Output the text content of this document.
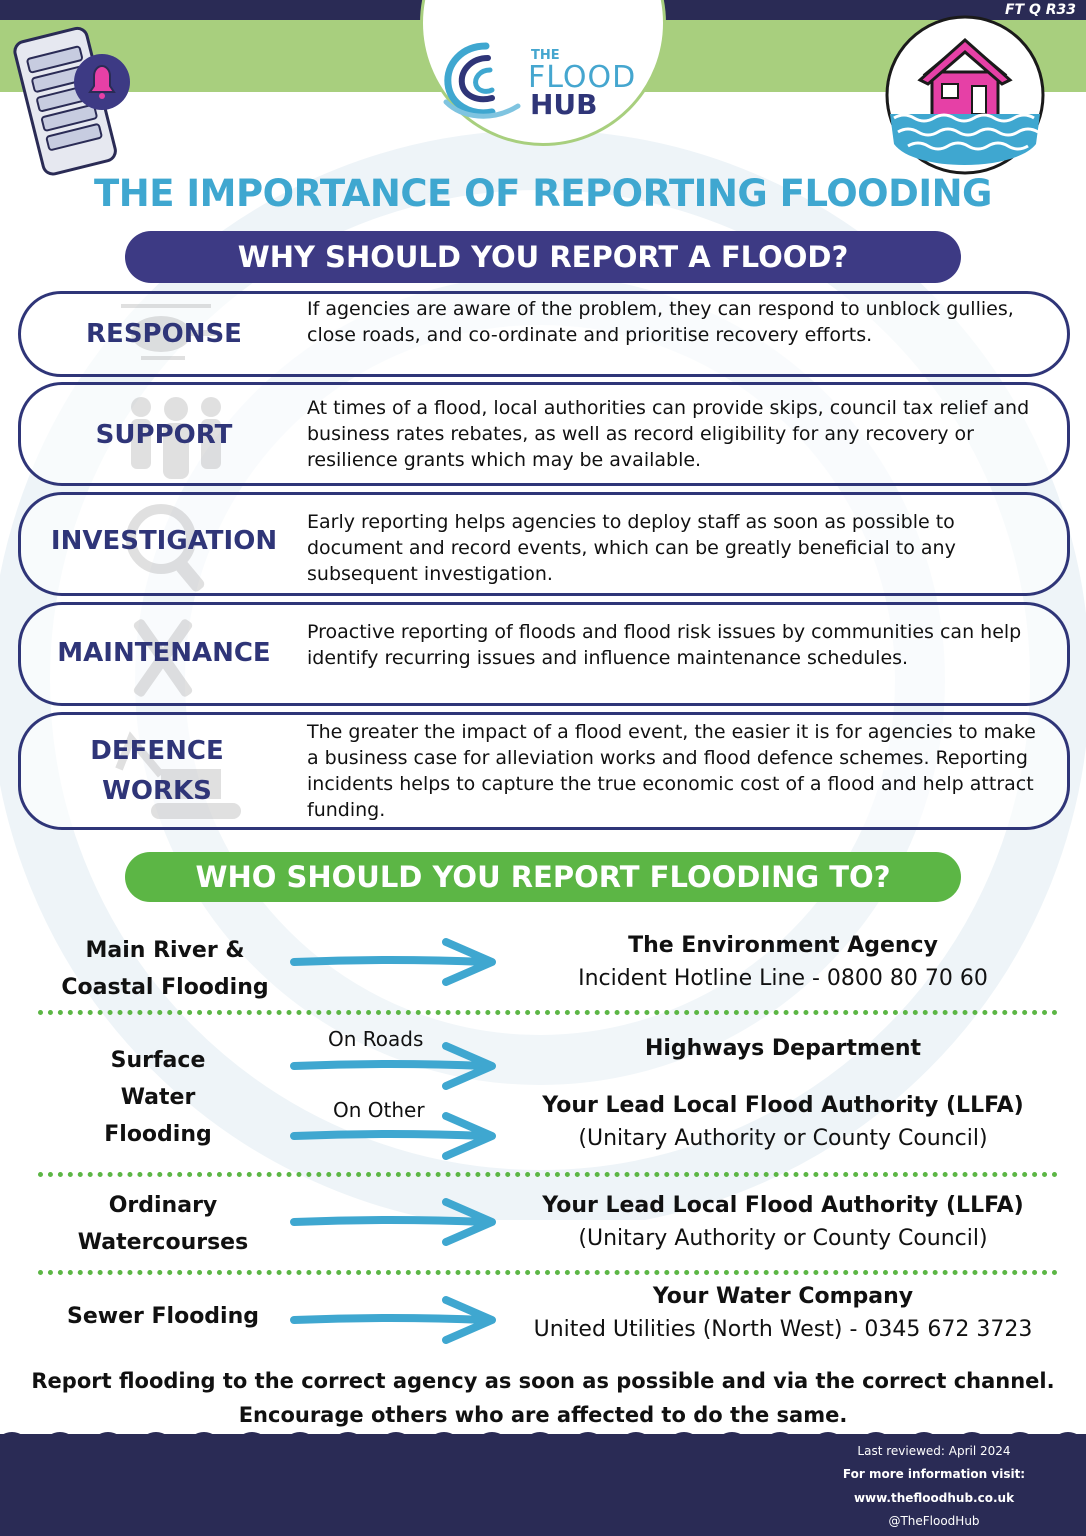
FT Q R33
THE
FLOOD
HUB
THE IMPORTANCE OF REPORTING FLOODING
WHY SHOULD YOU REPORT A FLOOD?
RESPONSE
If agencies are aware of the problem, they can respond to unblock gullies, close roads, and co-ordinate and prioritise recovery efforts.
SUPPORT
At times of a flood, local authorities can provide skips, council tax relief and business rates rebates, as well as record eligibility for any recovery or resilience grants which may be available.
INVESTIGATION
Early reporting helps agencies to deploy staff as soon as possible to document and record events, which can be greatly beneficial to any subsequent investigation.
MAINTENANCE
Proactive reporting of floods and flood risk issues by communities can help identify recurring issues and influence maintenance schedules.
DEFENCE
WORKS
The greater the impact of a flood event, the easier it is for agencies to make a business case for alleviation works and flood defence schemes. Reporting incidents helps to capture the true economic cost of a flood and help attract funding.
WHO SHOULD YOU REPORT FLOODING TO?
Main River &
Coastal Flooding
The Environment Agency
Incident Hotline Line - 0800 80 70 60
Surface
Water
Flooding
On Roads	Highways Department
On Other	Your Lead Local Flood Authority (LLFA)
(Unitary Authority or County Council)
Ordinary
Watercourses
Your Lead Local Flood Authority (LLFA)
(Unitary Authority or County Council)
Sewer Flooding
Your Water Company
United Utilities (North West) - 0345 672 3723
Report flooding to the correct agency as soon as possible and via the correct channel.
Encourage others who are affected to do the same.
Last reviewed: April 2024
For more information visit:
www.thefloodhub.co.uk
@TheFloodHub
